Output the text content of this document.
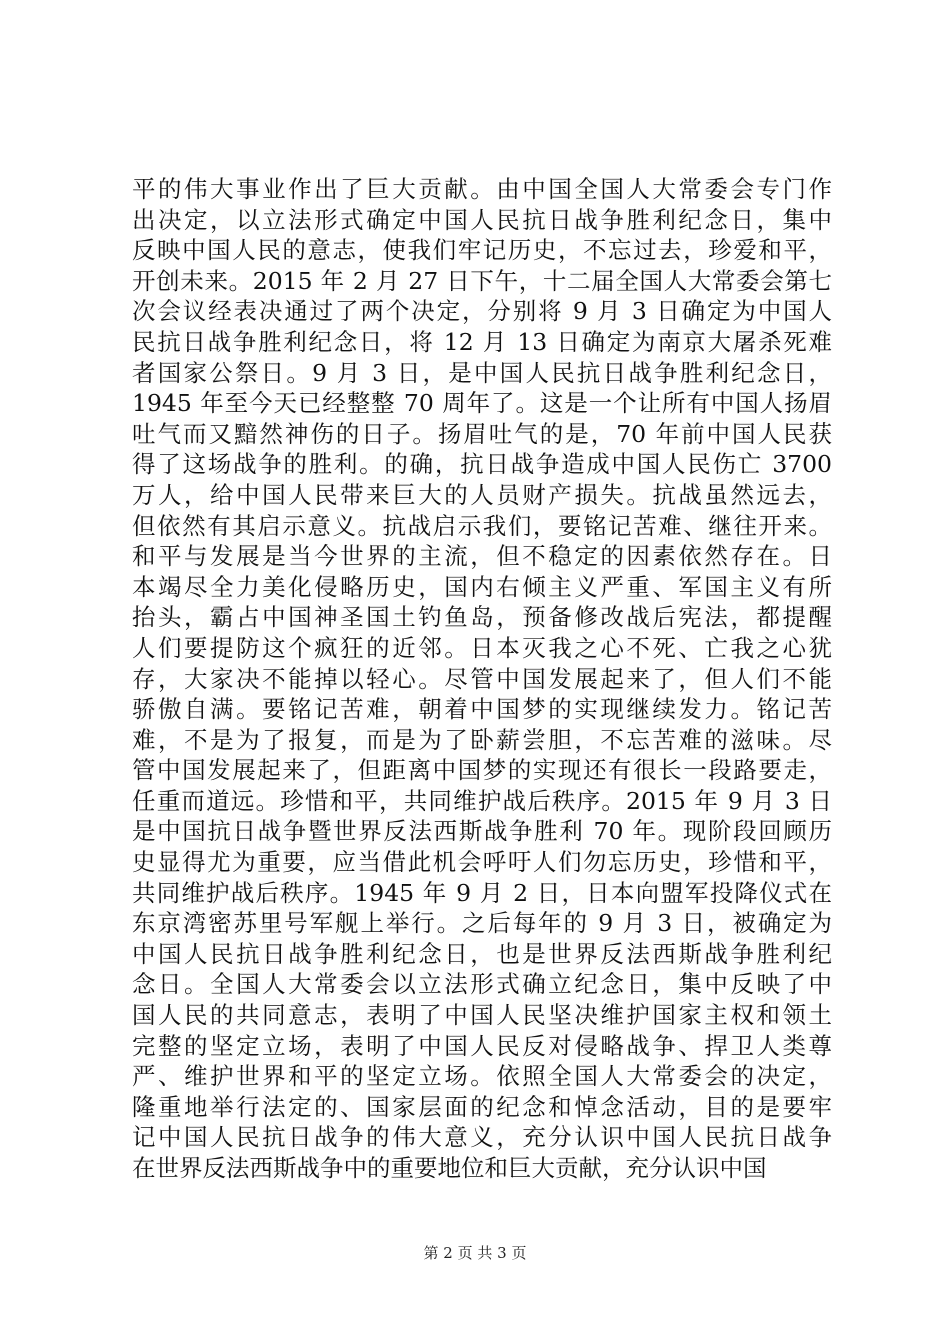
平的伟大事业作出了巨大贡献。由中国全国人大常委会专门作
出决定，以立法形式确定中国人民抗日战争胜利纪念日，集中
反映中国人民的意志，使我们牢记历史，不忘过去，珍爱和平，
开创未来。2015 年 2 月 27 日下午，十二届全国人大常委会第七
次会议经表决通过了两个决定，分别将 9 月 3 日确定为中国人
民抗日战争胜利纪念日，将 12 月 13 日确定为南京大屠杀死难
者国家公祭日。9 月 3 日，是中国人民抗日战争胜利纪念日，
1945 年至今天已经整整 70 周年了。这是一个让所有中国人扬眉
吐气而又黯然神伤的日子。扬眉吐气的是，70 年前中国人民获
得了这场战争的胜利。的确，抗日战争造成中国人民伤亡 3700
万人，给中国人民带来巨大的人员财产损失。抗战虽然远去，
但依然有其启示意义。抗战启示我们，要铭记苦难、继往开来。
和平与发展是当今世界的主流，但不稳定的因素依然存在。日
本竭尽全力美化侵略历史，国内右倾主义严重、军国主义有所
抬头，霸占中国神圣国土钓鱼岛，预备修改战后宪法，都提醒
人们要提防这个疯狂的近邻。日本灭我之心不死、亡我之心犹
存，大家决不能掉以轻心。尽管中国发展起来了，但人们不能
骄傲自满。要铭记苦难，朝着中国梦的实现继续发力。铭记苦
难，不是为了报复，而是为了卧薪尝胆，不忘苦难的滋味。尽
管中国发展起来了，但距离中国梦的实现还有很长一段路要走，
任重而道远。珍惜和平，共同维护战后秩序。2015 年 9 月 3 日
是中国抗日战争暨世界反法西斯战争胜利 70 年。现阶段回顾历
史显得尤为重要，应当借此机会呼吁人们勿忘历史，珍惜和平，
共同维护战后秩序。1945 年 9 月 2 日，日本向盟军投降仪式在
东京湾密苏里号军舰上举行。之后每年的 9 月 3 日，被确定为
中国人民抗日战争胜利纪念日，也是世界反法西斯战争胜利纪
念日。全国人大常委会以立法形式确立纪念日，集中反映了中
国人民的共同意志，表明了中国人民坚决维护国家主权和领土
完整的坚定立场，表明了中国人民反对侵略战争、捍卫人类尊
严、维护世界和平的坚定立场。依照全国人大常委会的决定，
隆重地举行法定的、国家层面的纪念和悼念活动，目的是要牢
记中国人民抗日战争的伟大意义，充分认识中国人民抗日战争
在世界反法西斯战争中的重要地位和巨大贡献，充分认识中国
第 2 页 共 3 页
